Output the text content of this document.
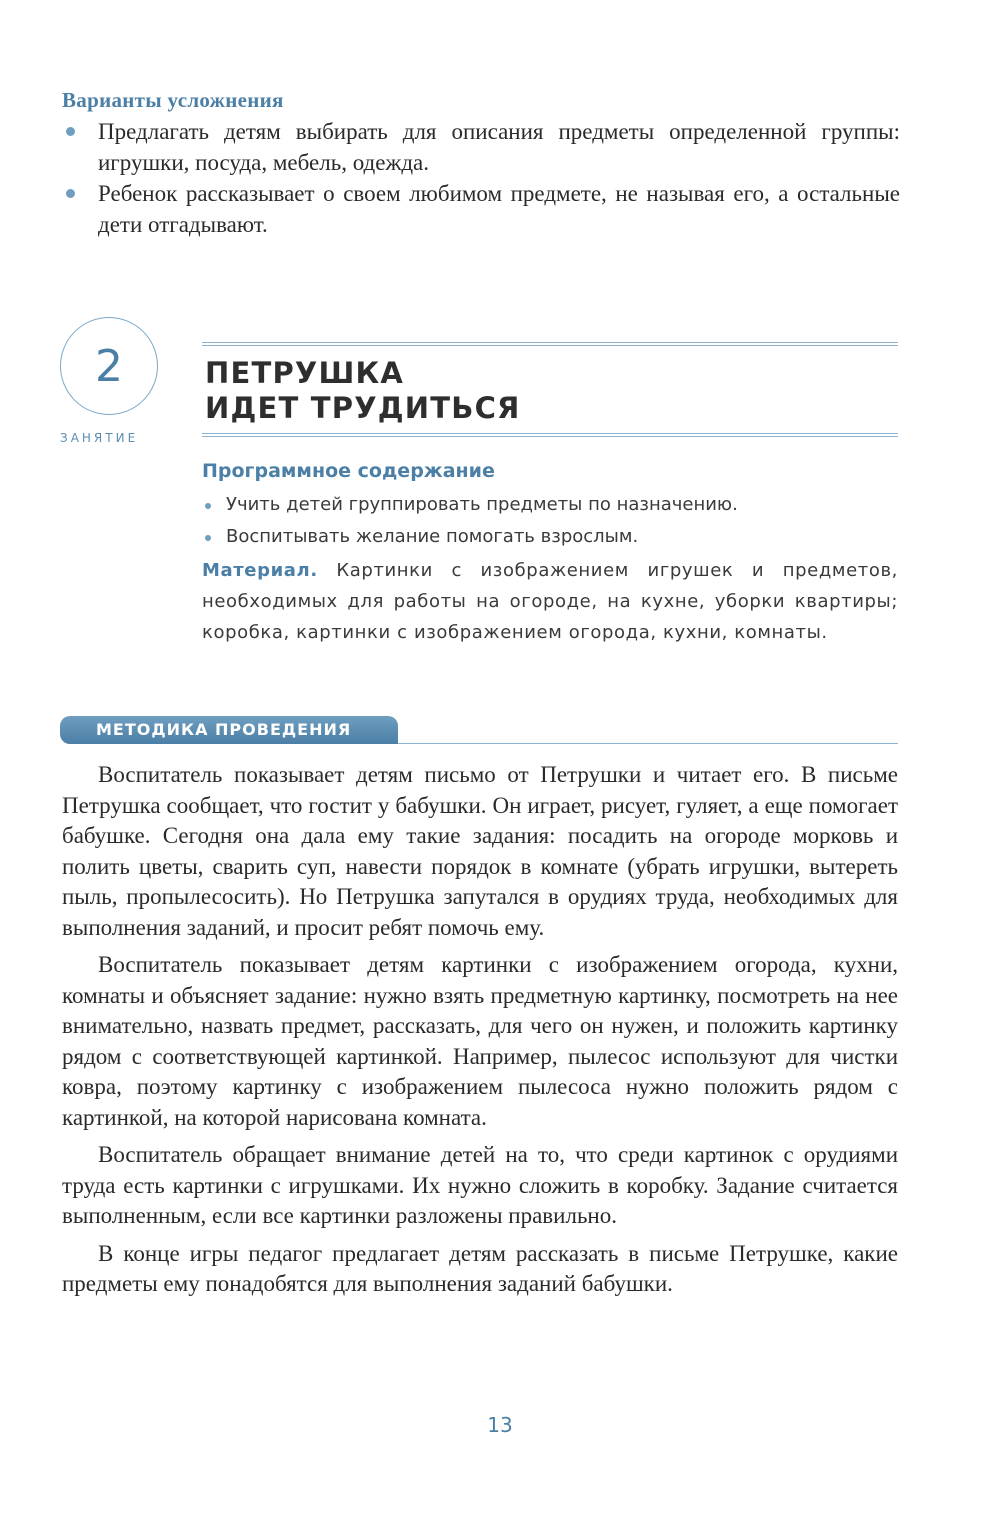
Варианты усложнения
Предлагать детям выбирать для описания предметы определенной группы: игрушки, посуда, мебель, одежда.
Ребенок рассказывает о своем любимом предмете, не называя его, а остальные дети отгадывают.
2
ЗАНЯТИЕ
ПЕТРУШКА
ИДЕТ ТРУДИТЬСЯ
Программное содержание
Учить детей группировать предметы по назначению.
Воспитывать желание помогать взрослым.
Материал. Картинки с изображением игрушек и предметов, необходимых для работы на огороде, на кухне, уборки квартиры; коробка, картинки с изображением огорода, кухни, комнаты.
МЕТОДИКА ПРОВЕДЕНИЯ

Воспитатель показывает детям письмо от Петрушки и читает его. В письме Петрушка сообщает, что гостит у бабушки. Он играет, рисует, гуляет, а еще помогает бабушке. Сегодня она дала ему такие задания: посадить на огороде морковь и полить цветы, сварить суп, навести порядок в комнате (убрать игрушки, вытереть пыль, пропылесосить). Но Петрушка запутался в орудиях труда, необходимых для выполнения заданий, и просит ребят помочь ему.

Воспитатель показывает детям картинки с изображением огорода, кухни, комнаты и объясняет задание: нужно взять предметную картинку, посмотреть на нее внимательно, назвать предмет, рассказать, для чего он нужен, и положить картинку рядом с соответствующей картинкой. Например, пылесос используют для чистки ковра, поэтому картинку с изображением пылесоса нужно положить рядом с картинкой, на которой нарисована комната.

Воспитатель обращает внимание детей на то, что среди картинок с орудиями труда есть картинки с игрушками. Их нужно сложить в коробку. Задание считается выполненным, если все картинки разложены правильно.

В конце игры педагог предлагает детям рассказать в письме Петрушке, какие предметы ему понадобятся для выполнения заданий бабушки.

13
